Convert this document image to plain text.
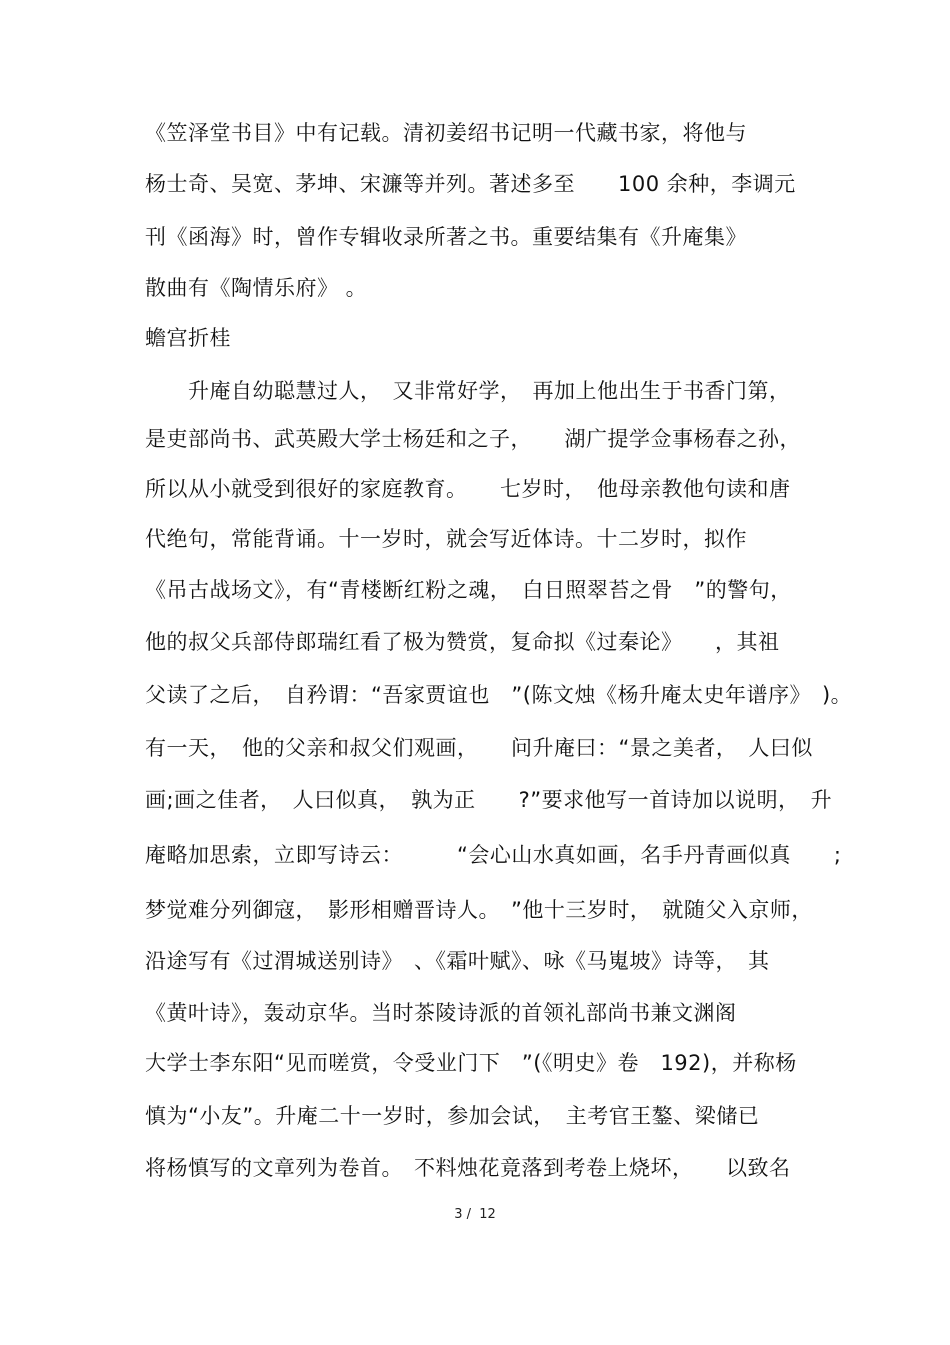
《笠泽堂书目》中有记载。清初姜绍书记明一代藏书家，将他与
杨士奇、吴宽、茅坤、宋濂等并列。著述多至　　100 余种，李调元
刊《函海》时，曾作专辑收录所著之书。重要结集有《升庵集》
散曲有《陶情乐府》 。
蟾宫折桂
　　升庵自幼聪慧过人，　又非常好学，　再加上他出生于书香门第，
是吏部尚书、武英殿大学士杨廷和之子，　　湖广提学佥事杨春之孙，
所以从小就受到很好的家庭教育。　　七岁时，　他母亲教他句读和唐
代绝句，常能背诵。十一岁时，就会写近体诗。十二岁时，拟作
《吊古战场文》，有“青楼断红粉之魂，　白日照翠苔之骨　”的警句，
他的叔父兵部侍郎瑞红看了极为赞赏，复命拟《过秦论》　　，其祖
父读了之后，　自矜谓：“吾家贾谊也　”(陈文烛《杨升庵太史年谱序》　)。
有一天，　他的父亲和叔父们观画，　　问升庵曰：“景之美者，　人曰似
画;画之佳者，　人曰似真，　孰为正　　?”要求他写一首诗加以说明，　升
庵略加思索，立即写诗云：　　　“会心山水真如画，名手丹青画似真　　;
梦觉难分列御寇，　影形相赠晋诗人。　”他十三岁时，　就随父入京师，
沿途写有《过渭城送别诗》　、《霜叶赋》、咏《马嵬坡》诗等，　其
《黄叶诗》，轰动京华。当时茶陵诗派的首领礼部尚书兼文渊阁
大学士李东阳“见而嗟赏，令受业门下　”(《明史》卷　192)，并称杨
慎为“小友”。升庵二十一岁时，参加会试，　主考官王鏊、梁储已
将杨慎写的文章列为卷首。　不料烛花竟落到考卷上烧坏，　　以致名
3 /  12
